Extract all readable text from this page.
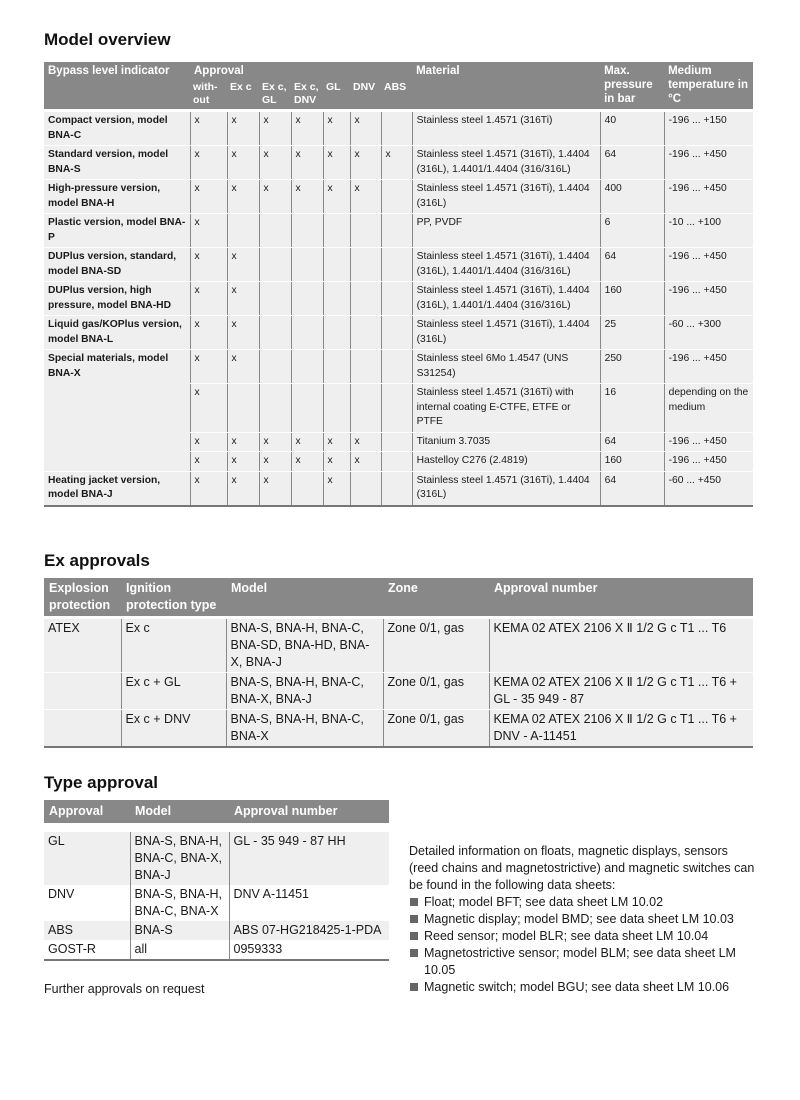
Model overview
Bypass level indicator	Approval							Material	Max. pressure in bar	Medium temperature in °C
	with-out	Ex c	Ex c, GL	Ex c, DNV	GL	DNV	ABS			

Compact version, model BNA-C	x	x	x	x	x	x		Stainless steel 1.4571 (316Ti)	40	-196 ... +150
Standard version, model BNA-S	x	x	x	x	x	x	x	Stainless steel 1.4571 (316Ti), 1.4404 (316L), 1.4401/1.4404 (316/316L)	64	-196 ... +450
High-pressure version, model BNA-H	x	x	x	x	x	x		Stainless steel 1.4571 (316Ti), 1.4404 (316L)	400	-196 ... +450
Plastic version, model BNA-P	x							PP, PVDF	6	-10 ... +100
DUPlus version, standard, model BNA-SD	x	x						Stainless steel 1.4571 (316Ti), 1.4404 (316L), 1.4401/1.4404 (316/316L)	64	-196 ... +450
DUPlus version, high pressure, model BNA-HD	x	x						Stainless steel 1.4571 (316Ti), 1.4404 (316L), 1.4401/1.4404 (316/316L)	160	-196 ... +450
Liquid gas/KOPlus version, model BNA-L	x	x						Stainless steel 1.4571 (316Ti), 1.4404 (316L)	25	-60 ... +300
Special materials, model BNA-X	x	x						Stainless steel 6Mo 1.4547 (UNS S31254)	250	-196 ... +450
	x							Stainless steel 1.4571 (316Ti) with internal coating E-CTFE, ETFE or PTFE	16	depending on the medium
	x	x	x	x	x	x		Titanium 3.7035	64	-196 ... +450
	x	x	x	x	x	x		Hastelloy C276 (2.4819)	160	-196 ... +450
Heating jacket version, model BNA-J	x	x	x		x			Stainless steel 1.4571 (316Ti), 1.4404 (316L)	64	-60 ... +450
Ex approvals
Explosion protection	Ignition protection type	Model	Zone	Approval number

ATEX	Ex c	BNA-S, BNA-H, BNA-C, BNA-SD, BNA-HD, BNA-X, BNA-J	Zone 0/1, gas	KEMA 02 ATEX 2106 X Ⅱ 1/2 G c T1 ... T6
	Ex c + GL	BNA-S, BNA-H, BNA-C, BNA-X, BNA-J	Zone 0/1, gas	KEMA 02 ATEX 2106 X Ⅱ 1/2 G c T1 ... T6 + GL - 35 949 - 87
	Ex c + DNV	BNA-S, BNA-H, BNA-C, BNA-X	Zone 0/1, gas	KEMA 02 ATEX 2106 X Ⅱ 1/2 G c T1 ... T6 + DNV - A-11451
Type approval
Approval	Model	Approval number

GL	BNA-S, BNA-H, BNA-C, BNA-X, BNA-J	GL - 35 949 - 87 HH
DNV	BNA-S, BNA-H, BNA-C, BNA-X	DNV A-11451
ABS	BNA-S	ABS 07-HG218425-1-PDA
GOST-R	all	0959333
Further approvals on request

Detailed information on floats, magnetic displays, sensors (reed chains and magnetostrictive) and magnetic switches can be found in the following data sheets:

Float; model BFT; see data sheet LM 10.02
Magnetic display; model BMD; see data sheet LM 10.03
Reed sensor; model BLR; see data sheet LM 10.04
Magnetostrictive sensor; model BLM; see data sheet LM 10.05
Magnetic switch; model BGU; see data sheet LM 10.06
